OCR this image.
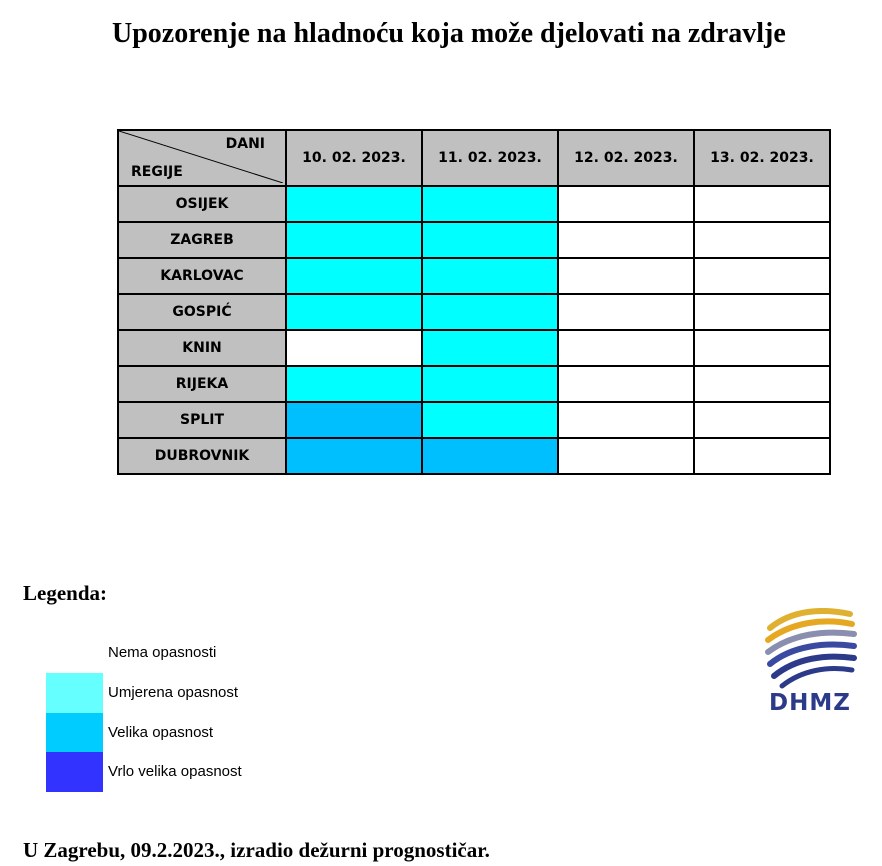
Upozorenje na hladnoću koja može djelovati na zdravlje
DANI
REGIJE	10. 02. 2023.	11. 02. 2023.	12. 02. 2023.	13. 02. 2023.
OSIJEK				
ZAGREB				
KARLOVAC				
GOSPIĆ				
KNIN				
RIJEKA				
SPLIT				
DUBROVNIK				
Legenda:
Nema opasnosti
Umjerena opasnost
Velika opasnost
Vrlo velika opasnost
DHMZ
U Zagrebu, 09.2.2023., izradio dežurni prognostičar.
